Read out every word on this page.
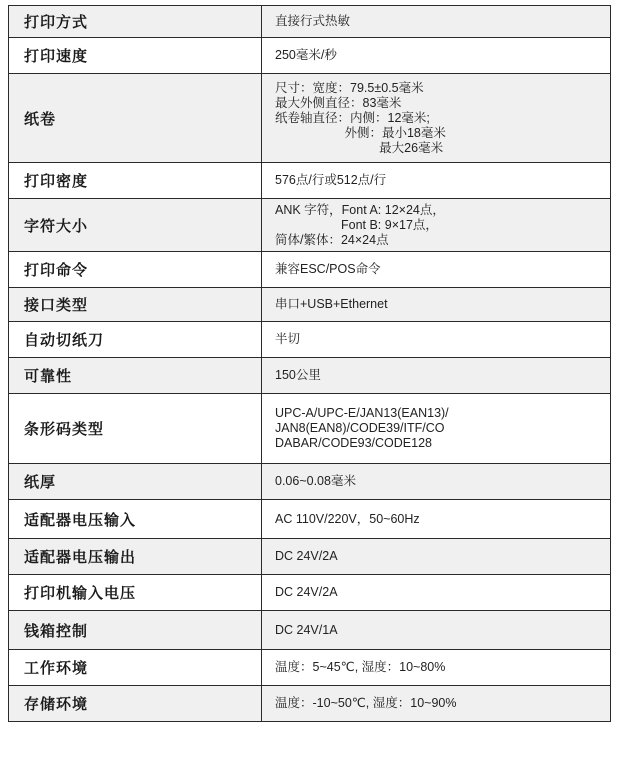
打印方式	直接行式热敏

打印速度	250毫米/秒

纸卷	尺寸：宽度：79.5±0.5毫米
最大外侧直径：83毫米
纸卷轴直径：内侧：12毫米;
外侧：最小18毫米
最大26毫米

打印密度	576点/行或512点/行

字符大小	ANK 字符，Font A: 12×24点，
Font B: 9×17点，
简体/繁体：24×24点

打印命令	兼容ESC/POS命令

接口类型	串口+USB+Ethernet

自动切纸刀	半切

可靠性	150公里

条形码类型	UPC-A/UPC-E/JAN13(EAN13)/
JAN8(EAN8)/CODE39/ITF/CO
DABAR/CODE93/CODE128

纸厚	0.06~0.08毫米

适配器电压输入	AC 110V/220V，50~60Hz

适配器电压输出	DC 24V/2A

打印机输入电压	DC 24V/2A

钱箱控制	DC 24V/1A

工作环境	温度：5~45℃, 湿度：10~80%

存储环境	温度：-10~50℃, 湿度：10~90%
